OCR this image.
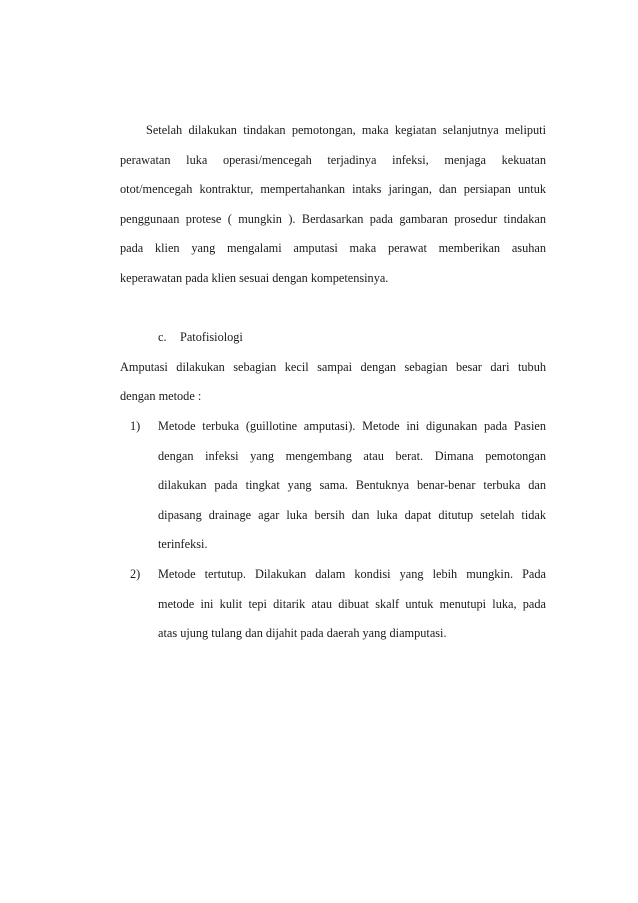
Setelah dilakukan tindakan pemotongan, maka kegiatan selanjutnya meliputi
perawatan luka operasi/mencegah terjadinya infeksi, menjaga kekuatan
otot/mencegah kontraktur, mempertahankan intaks jaringan, dan persiapan untuk
penggunaan protese ( mungkin ). Berdasarkan pada gambaran prosedur tindakan
pada klien yang mengalami amputasi maka perawat memberikan asuhan
keperawatan pada klien sesuai dengan kompetensinya.

c.	Patofisiologi

Amputasi dilakukan sebagian kecil sampai dengan sebagian besar dari tubuh
dengan metode :

1) Metode terbuka (guillotine amputasi). Metode ini digunakan pada Pasien
dengan infeksi yang mengembang atau berat. Dimana pemotongan
dilakukan pada tingkat yang sama. Bentuknya benar-benar terbuka dan
dipasang drainage agar luka bersih dan luka dapat ditutup setelah tidak
terinfeksi.

2) Metode tertutup. Dilakukan dalam kondisi yang lebih mungkin. Pada
metode ini kulit tepi ditarik atau dibuat skalf untuk menutupi luka, pada
atas ujung tulang dan dijahit pada daerah yang diamputasi.
